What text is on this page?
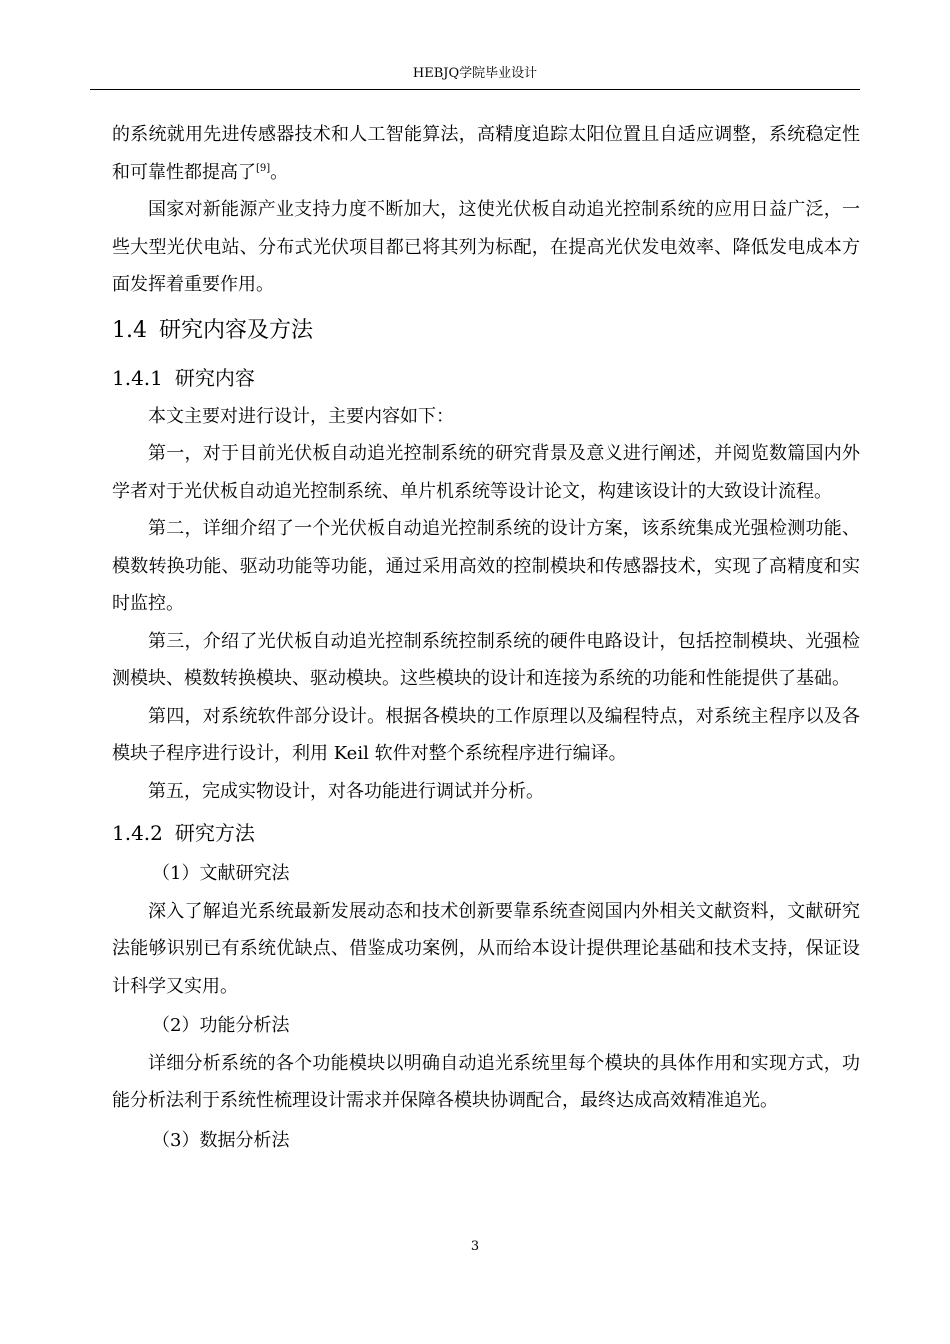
HEBJQ学院毕业设计

的系统就用先进传感器技术和人工智能算法，高精度追踪太阳位置且自适应调整，系统稳定性和可靠性都提高了[9]。

国家对新能源产业支持力度不断加大，这使光伏板自动追光控制系统的应用日益广泛，一些大型光伏电站、分布式光伏项目都已将其列为标配，在提高光伏发电效率、降低发电成本方面发挥着重要作用。

1.4 研究内容及方法
1.4.1 研究内容

本文主要对进行设计，主要内容如下：

第一，对于目前光伏板自动追光控制系统的研究背景及意义进行阐述，并阅览数篇国内外学者对于光伏板自动追光控制系统、单片机系统等设计论文，构建该设计的大致设计流程。

第二，详细介绍了一个光伏板自动追光控制系统的设计方案，该系统集成光强检测功能、模数转换功能、驱动功能等功能，通过采用高效的控制模块和传感器技术，实现了高精度和实时监控。

第三，介绍了光伏板自动追光控制系统控制系统的硬件电路设计，包括控制模块、光强检测模块、模数转换模块、驱动模块。这些模块的设计和连接为系统的功能和性能提供了基础。

第四，对系统软件部分设计。根据各模块的工作原理以及编程特点，对系统主程序以及各模块子程序进行设计，利用 Keil 软件对整个系统程序进行编译。

第五，完成实物设计，对各功能进行调试并分析。

1.4.2 研究方法

（1）文献研究法

深入了解追光系统最新发展动态和技术创新要靠系统查阅国内外相关文献资料，文献研究法能够识别已有系统优缺点、借鉴成功案例，从而给本设计提供理论基础和技术支持，保证设计科学又实用。

（2）功能分析法

详细分析系统的各个功能模块以明确自动追光系统里每个模块的具体作用和实现方式，功能分析法利于系统性梳理设计需求并保障各模块协调配合，最终达成高效精准追光。

（3）数据分析法

3
